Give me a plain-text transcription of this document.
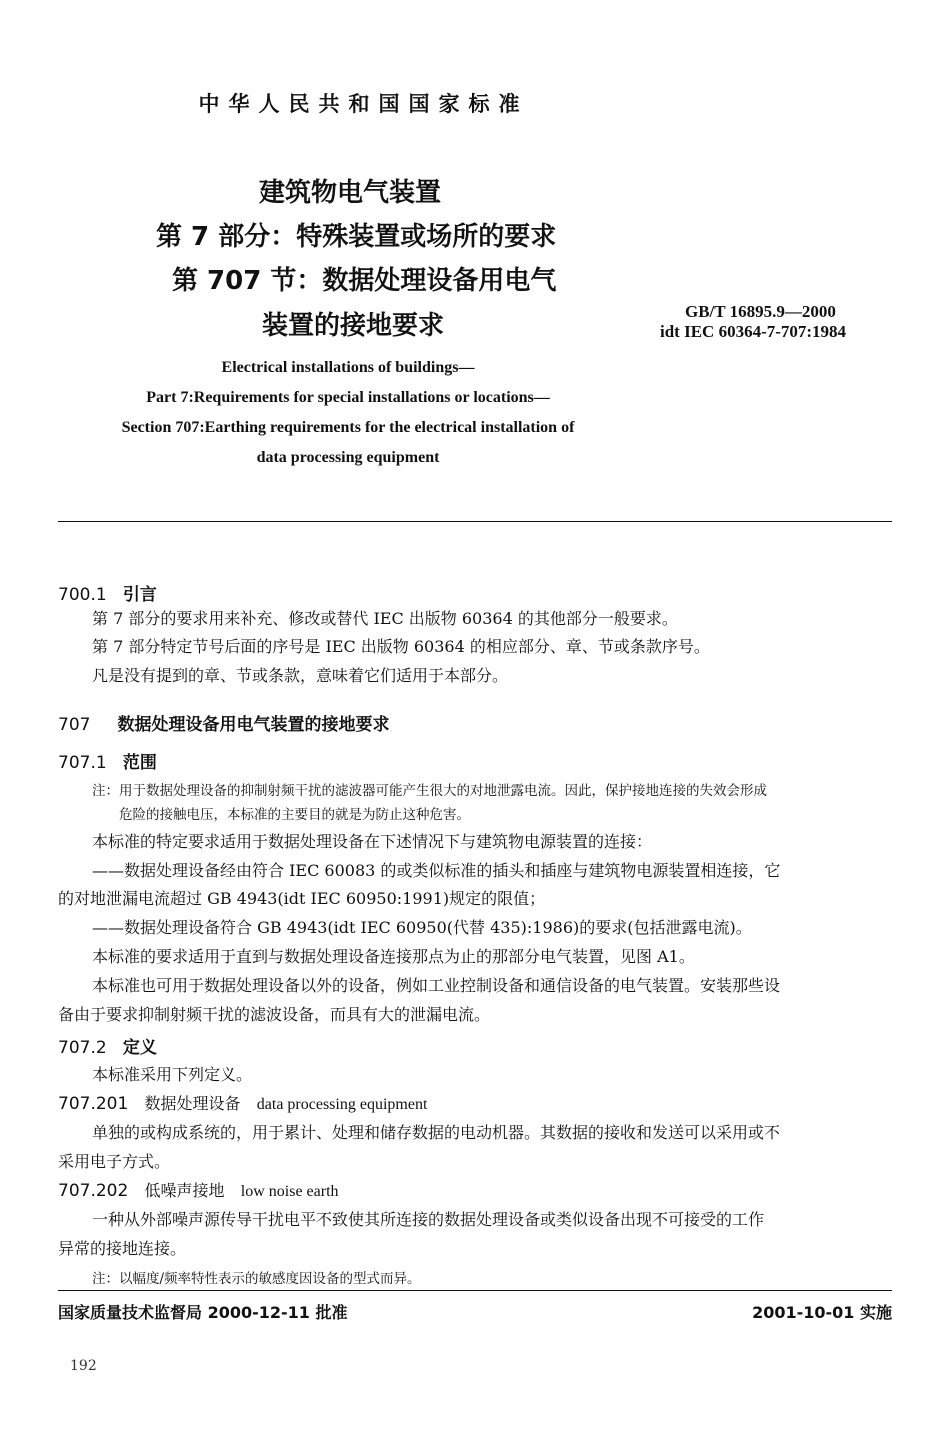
中华人民共和国国家标准
建筑物电气装置
第 7 部分：特殊装置或场所的要求
第 707 节：数据处理设备用电气
装置的接地要求	GB/T 16895.9—2000
idt IEC 60364-7-707:1984
Electrical installations of buildings—
Part 7:Requirements for special installations or locations—
Section 707:Earthing requirements for the electrical installation of
data processing equipment
700.1 引言
第 7 部分的要求用来补充、修改或替代 IEC 出版物 60364 的其他部分一般要求。
第 7 部分特定节号后面的序号是 IEC 出版物 60364 的相应部分、章、节或条款序号。
凡是没有提到的章、节或条款，意味着它们适用于本部分。
707 数据处理设备用电气装置的接地要求
707.1 范围
注：用于数据处理设备的抑制射频干扰的滤波器可能产生很大的对地泄露电流。因此，保护接地连接的失效会形成
危险的接触电压，本标准的主要目的就是为防止这种危害。
本标准的特定要求适用于数据处理设备在下述情况下与建筑物电源装置的连接：
——数据处理设备经由符合 IEC 60083 的或类似标准的插头和插座与建筑物电源装置相连接，它
的对地泄漏电流超过 GB 4943(idt IEC 60950:1991)规定的限值；
——数据处理设备符合 GB 4943(idt IEC 60950(代替 435):1986)的要求(包括泄露电流)。
本标准的要求适用于直到与数据处理设备连接那点为止的那部分电气装置，见图 A1。
本标准也可用于数据处理设备以外的设备，例如工业控制设备和通信设备的电气装置。安装那些设
备由于要求抑制射频干扰的滤波设备，而具有大的泄漏电流。
707.2 定义
本标准采用下列定义。
707.201 数据处理设备 data processing equipment
单独的或构成系统的，用于累计、处理和储存数据的电动机器。其数据的接收和发送可以采用或不
采用电子方式。
707.202 低噪声接地 low noise earth
一种从外部噪声源传导干扰电平不致使其所连接的数据处理设备或类似设备出现不可接受的工作
异常的接地连接。
注：以幅度/频率特性表示的敏感度因设备的型式而异。
国家质量技术监督局 2000-12-11 批准	2001-10-01 实施
192
